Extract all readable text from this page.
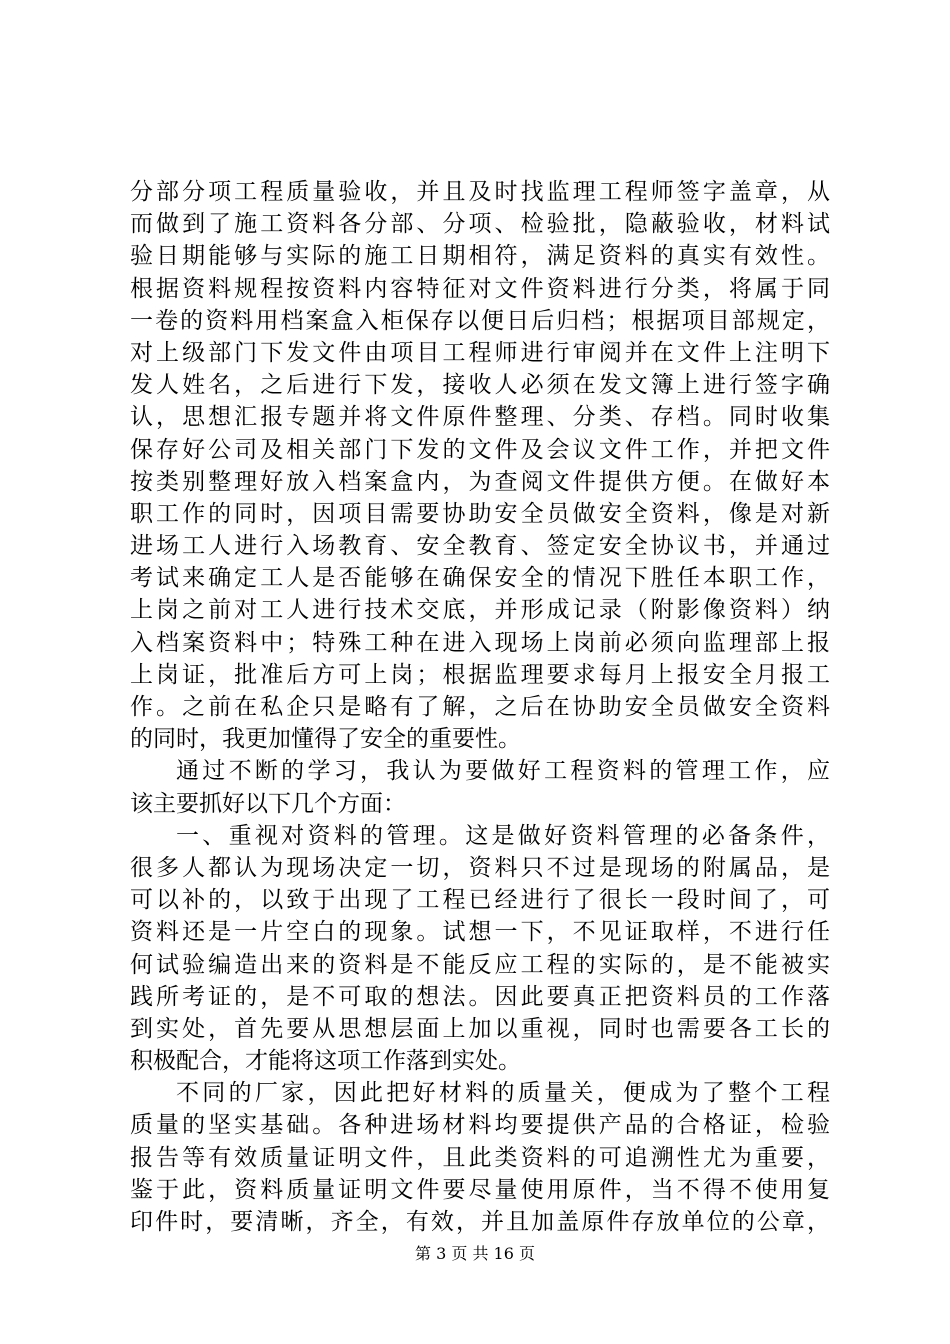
分部分项工程质量验收，并且及时找监理工程师签字盖章，从
而做到了施工资料各分部、分项、检验批，隐蔽验收，材料试
验日期能够与实际的施工日期相符，满足资料的真实有效性。
根据资料规程按资料内容特征对文件资料进行分类，将属于同
一卷的资料用档案盒入柜保存以便日后归档；根据项目部规定，
对上级部门下发文件由项目工程师进行审阅并在文件上注明下
发人姓名，之后进行下发，接收人必须在发文簿上进行签字确
认，思想汇报专题并将文件原件整理、分类、存档。同时收集
保存好公司及相关部门下发的文件及会议文件工作，并把文件
按类别整理好放入档案盒内，为查阅文件提供方便。在做好本
职工作的同时，因项目需要协助安全员做安全资料，像是对新
进场工人进行入场教育、安全教育、签定安全协议书，并通过
考试来确定工人是否能够在确保安全的情况下胜任本职工作，
上岗之前对工人进行技术交底，并形成记录（附影像资料）纳
入档案资料中；特殊工种在进入现场上岗前必须向监理部上报
上岗证，批准后方可上岗；根据监理要求每月上报安全月报工
作。之前在私企只是略有了解，之后在协助安全员做安全资料
的同时，我更加懂得了安全的重要性。
通过不断的学习，我认为要做好工程资料的管理工作，应
该主要抓好以下几个方面：
一、重视对资料的管理。这是做好资料管理的必备条件，
很多人都认为现场决定一切，资料只不过是现场的附属品，是
可以补的，以致于出现了工程已经进行了很长一段时间了，可
资料还是一片空白的现象。试想一下，不见证取样，不进行任
何试验编造出来的资料是不能反应工程的实际的，是不能被实
践所考证的，是不可取的想法。因此要真正把资料员的工作落
到实处，首先要从思想层面上加以重视，同时也需要各工长的
积极配合，才能将这项工作落到实处。
不同的厂家，因此把好材料的质量关，便成为了整个工程
质量的坚实基础。各种进场材料均要提供产品的合格证，检验
报告等有效质量证明文件，且此类资料的可追溯性尤为重要，
鉴于此，资料质量证明文件要尽量使用原件，当不得不使用复
印件时，要清晰，齐全，有效，并且加盖原件存放单位的公章，
第 3 页 共 16 页
